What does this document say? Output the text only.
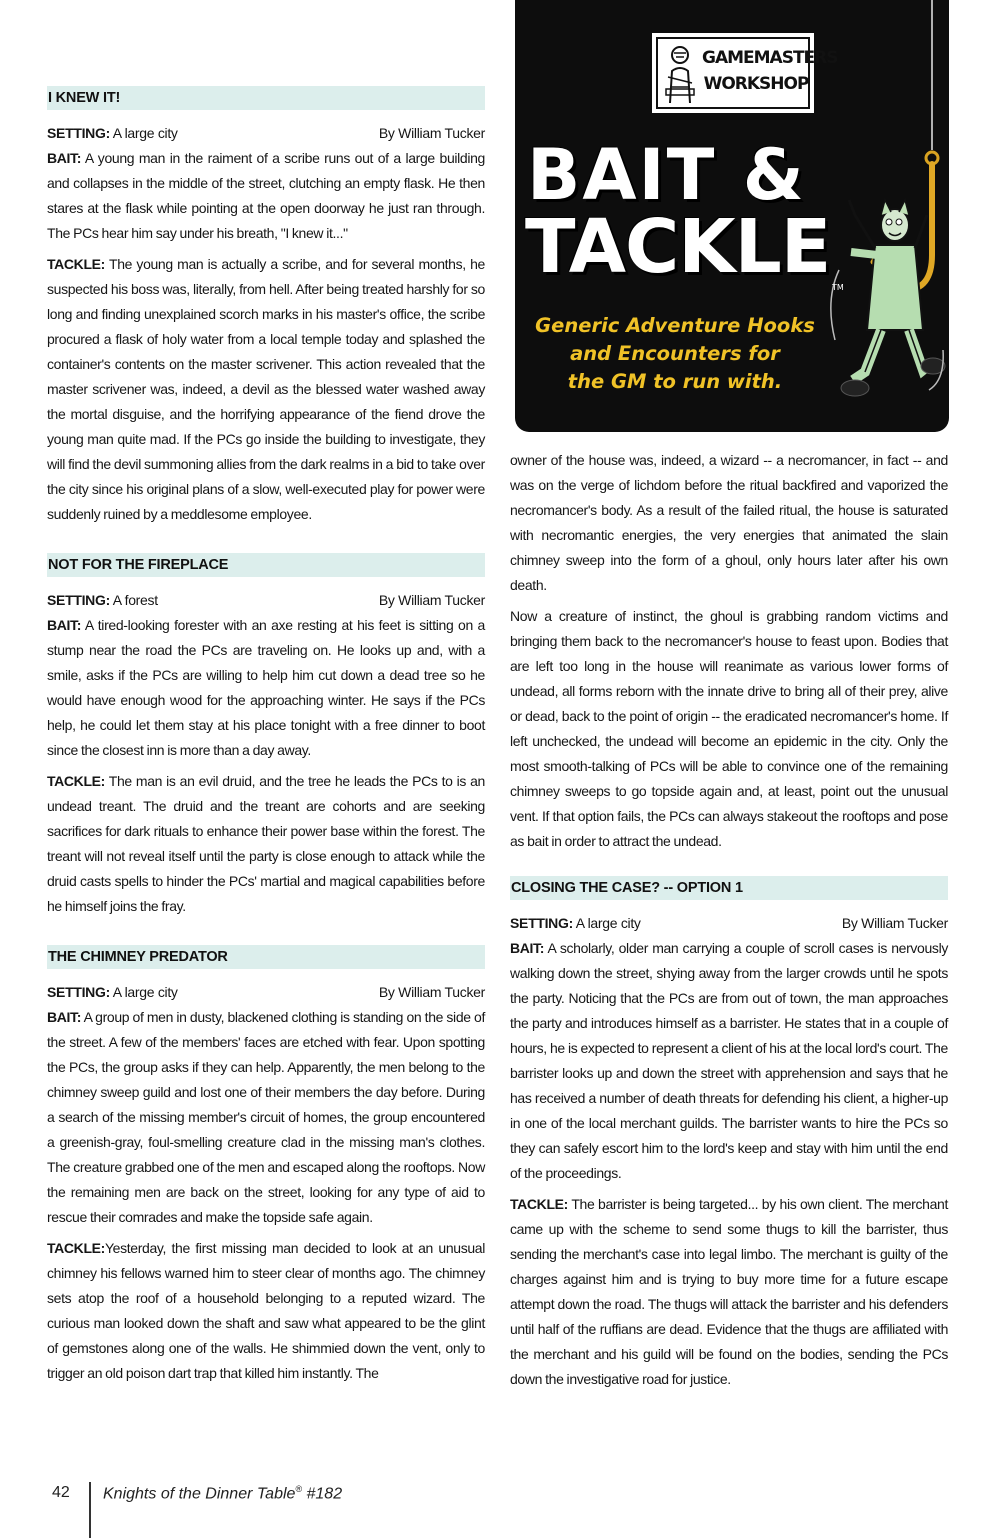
I KNEW IT!
SETTING: A large city	By William Tucker

BAIT: A young man in the raiment of a scribe runs out of a large building and collapses in the middle of the street, clutching an empty flask. He then stares at the flask while pointing at the open doorway he just ran through. The PCs hear him say under his breath, "I knew it..."

TACKLE: The young man is actually a scribe, and for several months, he suspected his boss was, literally, from hell. After being treated harshly for so long and finding unexplained scorch marks in his master's office, the scribe procured a flask of holy water from a local temple today and splashed the container's contents on the master scrivener. This action revealed that the master scrivener was, indeed, a devil as the blessed water washed away the mortal disguise, and the horrifying appearance of the fiend drove the young man quite mad. If the PCs go inside the building to investigate, they will find the devil summoning allies from the dark realms in a bid to take over the city since his original plans of a slow, well-executed play for power were suddenly ruined by a meddlesome employee.

NOT FOR THE FIREPLACE
SETTING: A forest	By William Tucker

BAIT: A tired-looking forester with an axe resting at his feet is sitting on a stump near the road the PCs are traveling on. He looks up and, with a smile, asks if the PCs are willing to help him cut down a dead tree so he would have enough wood for the approaching winter. He says if the PCs help, he could let them stay at his place tonight with a free dinner to boot since the closest inn is more than a day away.

TACKLE: The man is an evil druid, and the tree he leads the PCs to is an undead treant. The druid and the treant are cohorts and are seeking sacrifices for dark rituals to enhance their power base within the forest. The treant will not reveal itself until the party is close enough to attack while the druid casts spells to hinder the PCs' martial and magical capabilities before he himself joins the fray.

THE CHIMNEY PREDATOR
SETTING: A large city	By William Tucker

BAIT: A group of men in dusty, blackened clothing is standing on the side of the street. A few of the members' faces are etched with fear. Upon spotting the PCs, the group asks if they can help. Apparently, the men belong to the chimney sweep guild and lost one of their members the day before. During a search of the missing member's circuit of homes, the group encountered a greenish-gray, foul-smelling creature clad in the missing man's clothes. The creature grabbed one of the men and escaped along the rooftops. Now the remaining men are back on the street, looking for any type of aid to rescue their comrades and make the topside safe again.

TACKLE:Yesterday, the first missing man decided to look at an unusual chimney his fellows warned him to steer clear of months ago. The chimney sets atop the roof of a household belonging to a reputed wizard. The curious man looked down the shaft and saw what appeared to be the glint of gemstones along one of the walls. He shimmied down the vent, only to trigger an old poison dart trap that killed him instantly. The

GAMEMASTERS
WORKSHOP
BAIT &
TACKLE TM
Generic Adventure Hooks
and Encounters for
the GM to run with.

owner of the house was, indeed, a wizard -- a necromancer, in fact -- and was on the verge of lichdom before the ritual backfired and vaporized the necromancer's body. As a result of the failed ritual, the house is saturated with necromantic energies, the very energies that animated the slain chimney sweep into the form of a ghoul, only hours later after his own death.

Now a creature of instinct, the ghoul is grabbing random victims and bringing them back to the necromancer's house to feast upon. Bodies that are left too long in the house will reanimate as various lower forms of undead, all forms reborn with the innate drive to bring all of their prey, alive or dead, back to the point of origin -- the eradicated necromancer's home. If left unchecked, the undead will become an epidemic in the city. Only the most smooth-talking of PCs will be able to convince one of the remaining chimney sweeps to go topside again and, at least, point out the unusual vent. If that option fails, the PCs can always stakeout the rooftops and pose as bait in order to attract the undead.

CLOSING THE CASE? -- OPTION 1
SETTING: A large city	By William Tucker

BAIT: A scholarly, older man carrying a couple of scroll cases is nervously walking down the street, shying away from the larger crowds until he spots the party. Noticing that the PCs are from out of town, the man approaches the party and introduces himself as a barrister. He states that in a couple of hours, he is expected to represent a client of his at the local lord's court. The barrister looks up and down the street with apprehension and says that he has received a number of death threats for defending his client, a higher-up in one of the local merchant guilds. The barrister wants to hire the PCs so they can safely escort him to the lord's keep and stay with him until the end of the proceedings.

TACKLE: The barrister is being targeted... by his own client. The merchant came up with the scheme to send some thugs to kill the barrister, thus sending the merchant's case into legal limbo. The merchant is guilty of the charges against him and is trying to buy more time for a future escape attempt down the road. The thugs will attack the barrister and his defenders until half of the ruffians are dead. Evidence that the thugs are affiliated with the merchant and his guild will be found on the bodies, sending the PCs down the investigative road for justice.

42 Knights of the Dinner Table® #182
